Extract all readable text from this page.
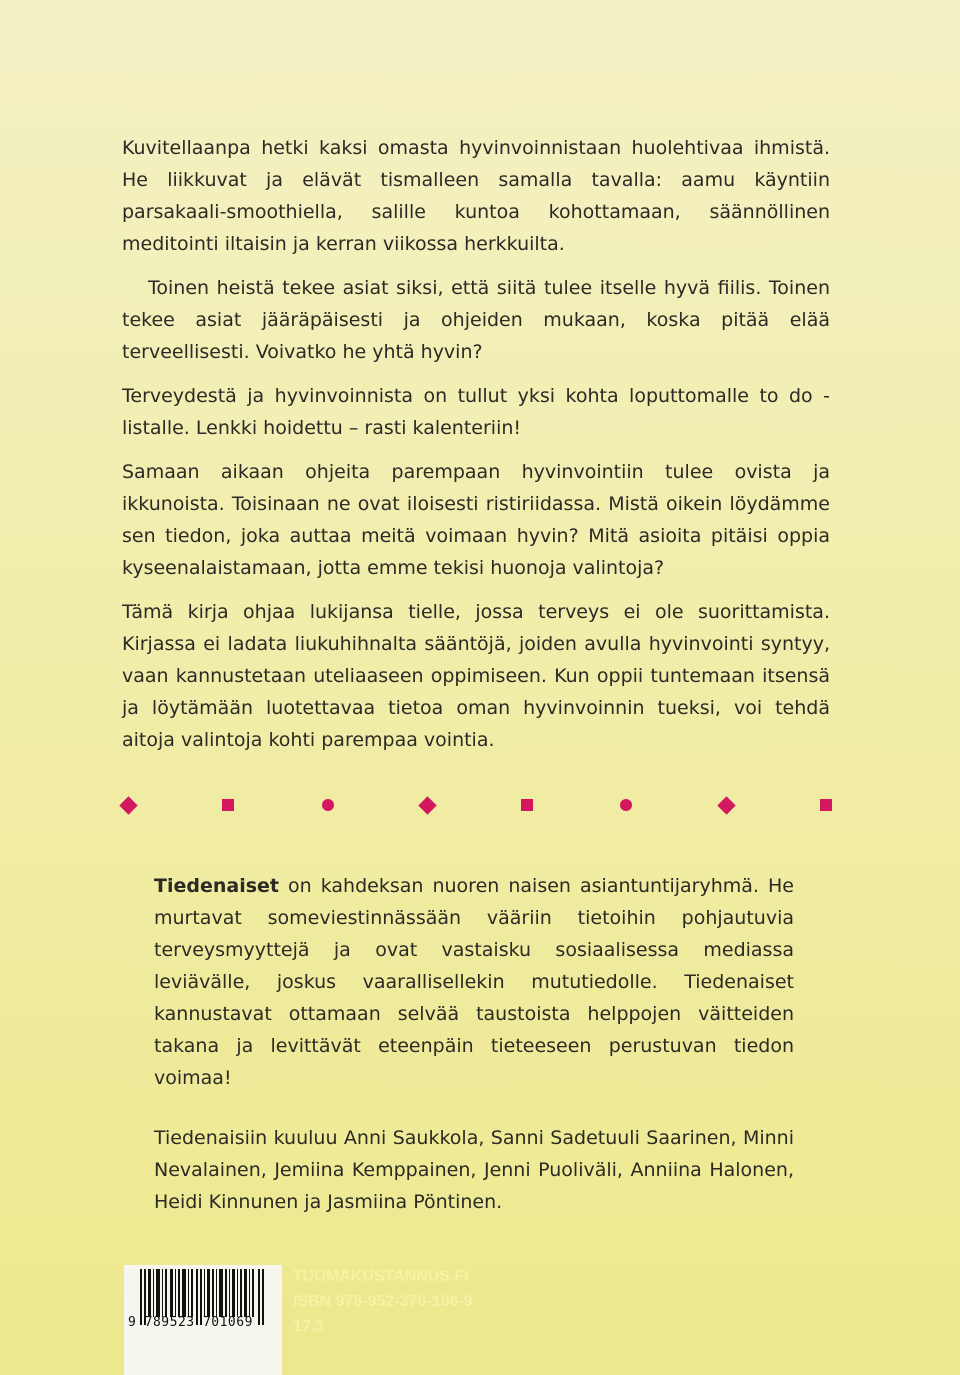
Kuvitellaanpa hetki kaksi omasta hyvinvoinnistaan huolehtivaa ihmistä. He liikkuvat ja elävät tismalleen samalla tavalla: aamu käyntiin parsakaali-smoothiella, salille kuntoa kohottamaan, säännöllinen meditointi iltaisin ja kerran viikossa herkkuilta.

Toinen heistä tekee asiat siksi, että siitä tulee itselle hyvä fiilis. Toinen tekee asiat jääräpäisesti ja ohjeiden mukaan, koska pitää elää terveellisesti. Voivatko he yhtä hyvin?

Terveydestä ja hyvinvoinnista on tullut yksi kohta loputtomalle to do -listalle. Lenkki hoidettu – rasti kalenteriin!

Samaan aikaan ohjeita parempaan hyvinvointiin tulee ovista ja ikkunoista. Toisinaan ne ovat iloisesti ristiriidassa. Mistä oikein löydämme sen tiedon, joka auttaa meitä voimaan hyvin? Mitä asioita pitäisi oppia kyseenalaistamaan, jotta emme tekisi huonoja valintoja?

Tämä kirja ohjaa lukijansa tielle, jossa terveys ei ole suorittamista. Kirjassa ei ladata liukuhihnalta sääntöjä, joiden avulla hyvinvointi syntyy, vaan kannustetaan uteliaaseen oppimiseen. Kun oppii tuntemaan itsensä ja löytämään luotettavaa tietoa oman hyvinvoinnin tueksi, voi tehdä aitoja valintoja kohti parempaa vointia.

Tiedenaiset on kahdeksan nuoren naisen asiantuntijaryhmä. He murtavat someviestinnässään vääriin tietoihin pohjautuvia terveysmyyttejä ja ovat vastaisku sosiaalisessa mediassa leviävälle, joskus vaarallisellekin mututiedolle. Tiedenaiset kannustavat ottamaan selvää taustoista helppojen väitteiden takana ja levittävät eteenpäin tieteeseen perustuvan tiedon voimaa!

Tiedenaisiin kuuluu Anni Saukkola, Sanni Sadetuuli Saarinen, Minni Nevalainen, Jemiina Kemppainen, Jenni Puoliväli, Anniina Halonen, Heidi Kinnunen ja Jasmiina Pöntinen.

9 789523 701069
TUUMAKUSTANNUS.FI
ISBN 978-952-370-106-9
17.3
